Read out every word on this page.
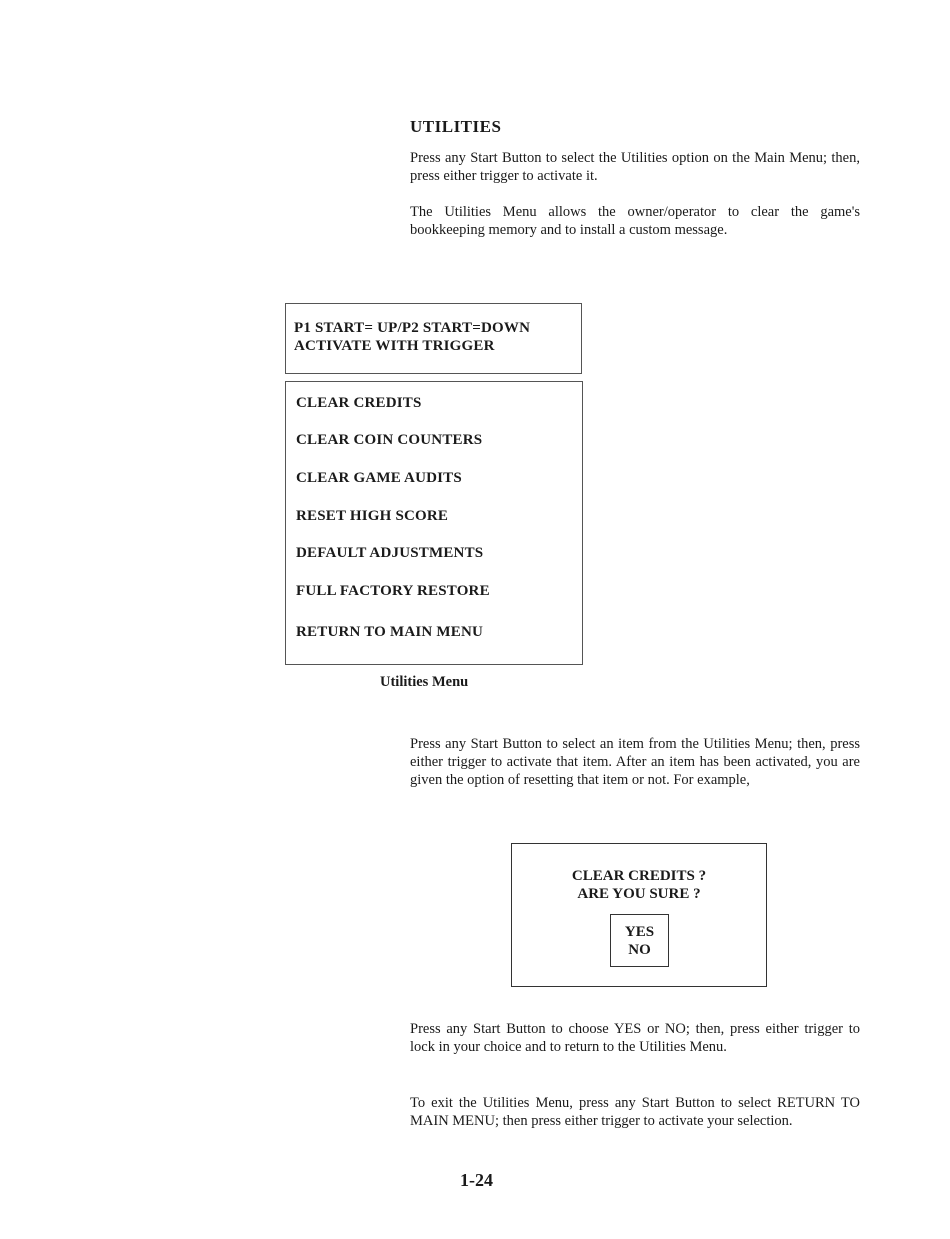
UTILITIES
Press any Start Button to select the Utilities option on the Main Menu; then, press either trigger to activate it.
The Utilities Menu allows the owner/operator to clear the game's bookkeeping memory and to install a custom message.
P1 START= UP/P2 START=DOWN
ACTIVATE WITH TRIGGER
CLEAR CREDITS
CLEAR COIN COUNTERS
CLEAR GAME AUDITS
RESET HIGH SCORE
DEFAULT ADJUSTMENTS
FULL FACTORY RESTORE
RETURN TO MAIN MENU
Utilities Menu
Press any Start Button to select an item from the Utilities Menu; then, press either trigger to activate that item. After an item has been activated, you are given the option of resetting that item or not. For example,
CLEAR CREDITS ?
ARE YOU SURE ?
YES
NO
Press any Start Button to choose YES or NO; then, press either trigger to lock in your choice and to return to the Utilities Menu.
To exit the Utilities Menu, press any Start Button to select RETURN TO MAIN MENU; then press either trigger to activate your selection.
1-24
